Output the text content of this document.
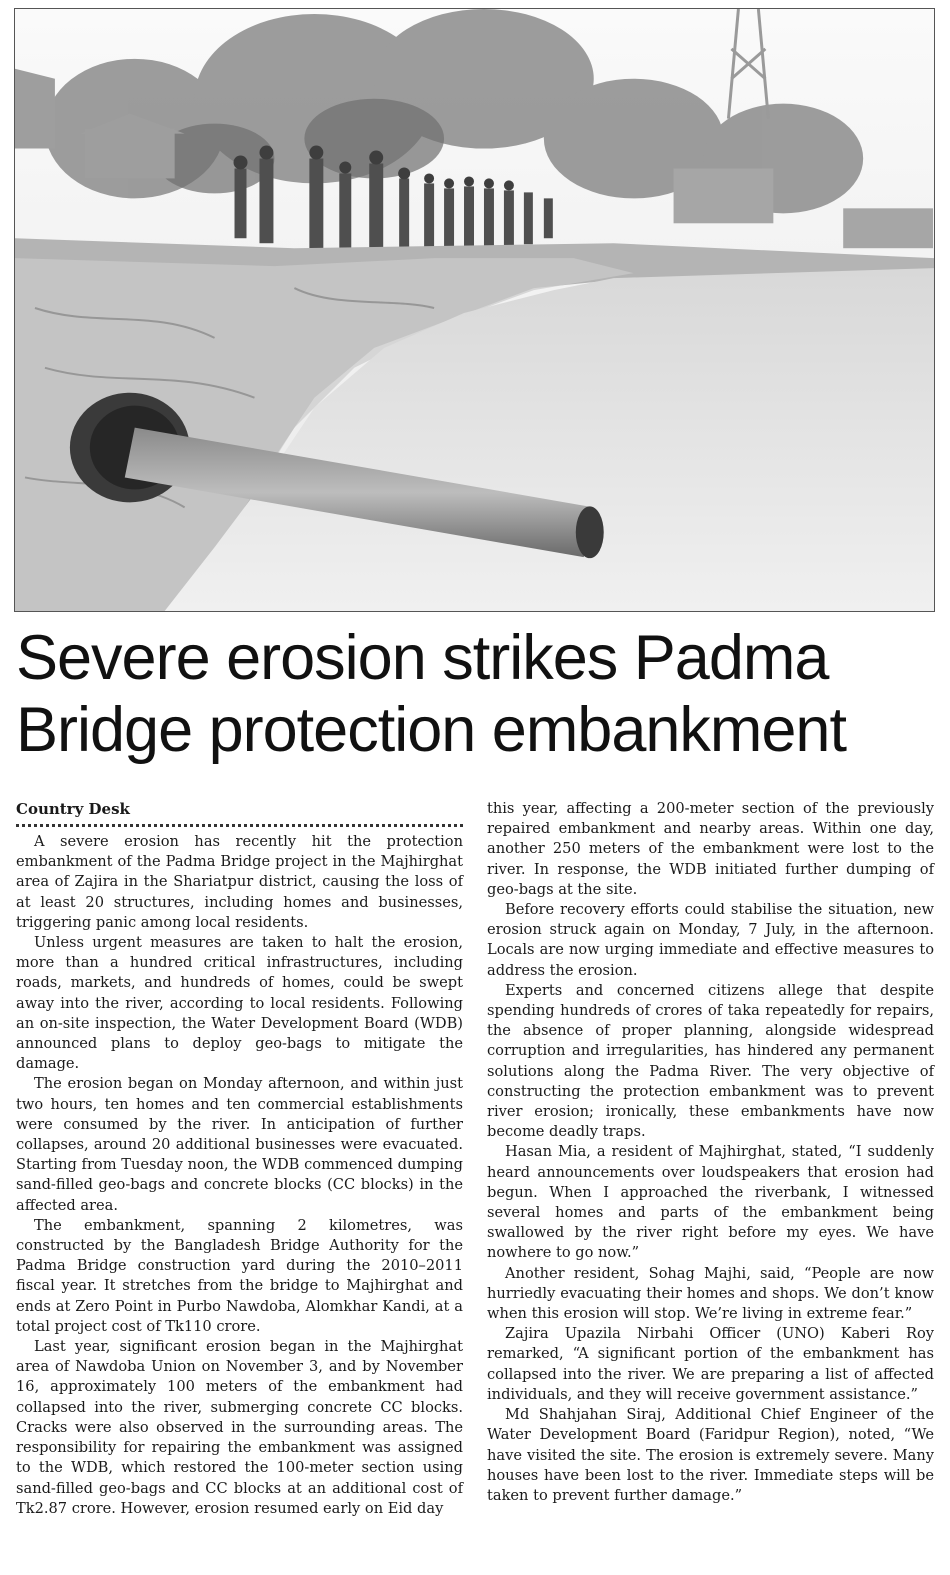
Severe erosion strikes Padma
Bridge protection embankment
Country Desk

A severe erosion has recently hit the protection embankment of the Padma Bridge project in the Majhirghat area of Zajira in the Shariatpur district, causing the loss of at least 20 structures, including homes and businesses, triggering panic among local residents.

Unless urgent measures are taken to halt the erosion, more than a hundred critical infrastructures, including roads, markets, and hundreds of homes, could be swept away into the river, according to local residents. Following an on-site inspection, the Water Development Board (WDB) announced plans to deploy geo-bags to mitigate the damage.

The erosion began on Monday afternoon, and within just two hours, ten homes and ten commercial establishments were consumed by the river. In anticipation of further collapses, around 20 additional businesses were evacuated. Starting from Tuesday noon, the WDB commenced dumping sand-filled geo-bags and concrete blocks (CC blocks) in the affected area.

The embankment, spanning 2 kilometres, was constructed by the Bangladesh Bridge Authority for the Padma Bridge construction yard during the 2010–2011 fiscal year. It stretches from the bridge to Majhirghat and ends at Zero Point in Purbo Nawdoba, Alomkhar Kandi, at a total project cost of Tk110 crore.

Last year, significant erosion began in the Majhirghat area of Nawdoba Union on November 3, and by November 16, approximately 100 meters of the embankment had collapsed into the river, submerging concrete CC blocks. Cracks were also observed in the surrounding areas. The responsibility for repairing the embankment was assigned to the WDB, which restored the 100-meter section using sand-filled geo-bags and CC blocks at an additional cost of Tk2.87 crore. However, erosion resumed early on Eid day

this year, affecting a 200-meter section of the previously repaired embankment and nearby areas. Within one day, another 250 meters of the embankment were lost to the river. In response, the WDB initiated further dumping of geo-bags at the site.

Before recovery efforts could stabilise the situation, new erosion struck again on Monday, 7 July, in the afternoon. Locals are now urging immediate and effective measures to address the erosion.

Experts and concerned citizens allege that despite spending hundreds of crores of taka repeatedly for repairs, the absence of proper planning, alongside widespread corruption and irregularities, has hindered any permanent solutions along the Padma River. The very objective of constructing the protection embankment was to prevent river erosion; ironically, these embankments have now become deadly traps.

Hasan Mia, a resident of Majhirghat, stated, “I suddenly heard announcements over loudspeakers that erosion had begun. When I approached the riverbank, I witnessed several homes and parts of the embankment being swallowed by the river right before my eyes. We have nowhere to go now.”

Another resident, Sohag Majhi, said, “People are now hurriedly evacuating their homes and shops. We don’t know when this erosion will stop. We’re living in extreme fear.”

Zajira Upazila Nirbahi Officer (UNO) Kaberi Roy remarked, “A significant portion of the embankment has collapsed into the river. We are preparing a list of affected individuals, and they will receive government assistance.”

Md Shahjahan Siraj, Additional Chief Engineer of the Water Development Board (Faridpur Region), noted, “We have visited the site. The erosion is extremely severe. Many houses have been lost to the river. Immediate steps will be taken to prevent further damage.”
